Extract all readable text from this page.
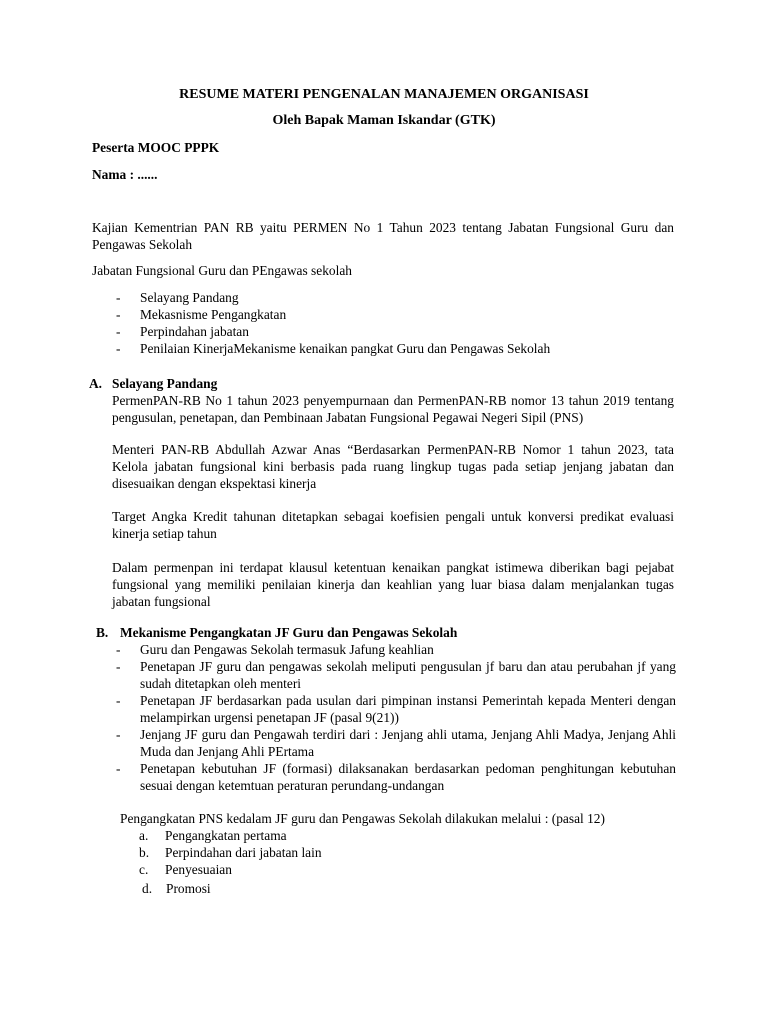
RESUME MATERI PENGENALAN MANAJEMEN ORGANISASI
Oleh Bapak Maman Iskandar (GTK)
Peserta MOOC PPPK
Nama : ......

Kajian Kementrian PAN RB yaitu PERMEN No 1 Tahun 2023 tentang Jabatan Fungsional Guru dan Pengawas Sekolah

Jabatan Fungsional Guru dan PEngawas sekolah
- Selayang Pandang
- Mekasnisme Pengangkatan
- Perpindahan jabatan
- Penilaian KinerjaMekanisme kenaikan pangkat Guru dan Pengawas Sekolah
A. Selayang Pandang

PermenPAN-RB No 1 tahun 2023 penyempurnaan dan PermenPAN-RB nomor 13 tahun 2019 tentang pengusulan, penetapan, dan Pembinaan Jabatan Fungsional Pegawai Negeri Sipil (PNS)

Menteri PAN-RB Abdullah Azwar Anas “Berdasarkan PermenPAN-RB Nomor 1 tahun 2023, tata Kelola jabatan fungsional kini berbasis pada ruang lingkup tugas pada setiap jenjang jabatan dan disesuaikan dengan ekspektasi kinerja

Target Angka Kredit tahunan ditetapkan sebagai koefisien pengali untuk konversi predikat evaluasi kinerja setiap tahun

Dalam permenpan ini terdapat klausul ketentuan kenaikan pangkat istimewa diberikan bagi pejabat fungsional yang memiliki penilaian kinerja dan keahlian yang luar biasa dalam menjalankan tugas jabatan fungsional

B. Mekanisme Pengangkatan JF Guru dan Pengawas Sekolah
- Guru dan Pengawas Sekolah termasuk Jafung keahlian
- Penetapan JF guru dan pengawas sekolah meliputi pengusulan jf baru dan atau perubahan jf yang sudah ditetapkan oleh menteri
- Penetapan JF berdasarkan pada usulan dari pimpinan instansi Pemerintah kepada Menteri dengan melampirkan urgensi penetapan JF (pasal 9(21))
- Jenjang JF guru dan Pengawah terdiri dari : Jenjang ahli utama, Jenjang Ahli Madya, Jenjang Ahli Muda dan Jenjang Ahli PErtama
- Penetapan kebutuhan JF (formasi) dilaksanakan berdasarkan pedoman penghitungan kebutuhan sesuai dengan ketemtuan peraturan perundang-undangan
Pengangkatan PNS kedalam JF guru dan Pengawas Sekolah dilakukan melalui : (pasal 12)
a. Pengangkatan pertama
b. Perpindahan dari jabatan lain
c. Penyesuaian
d. Promosi
